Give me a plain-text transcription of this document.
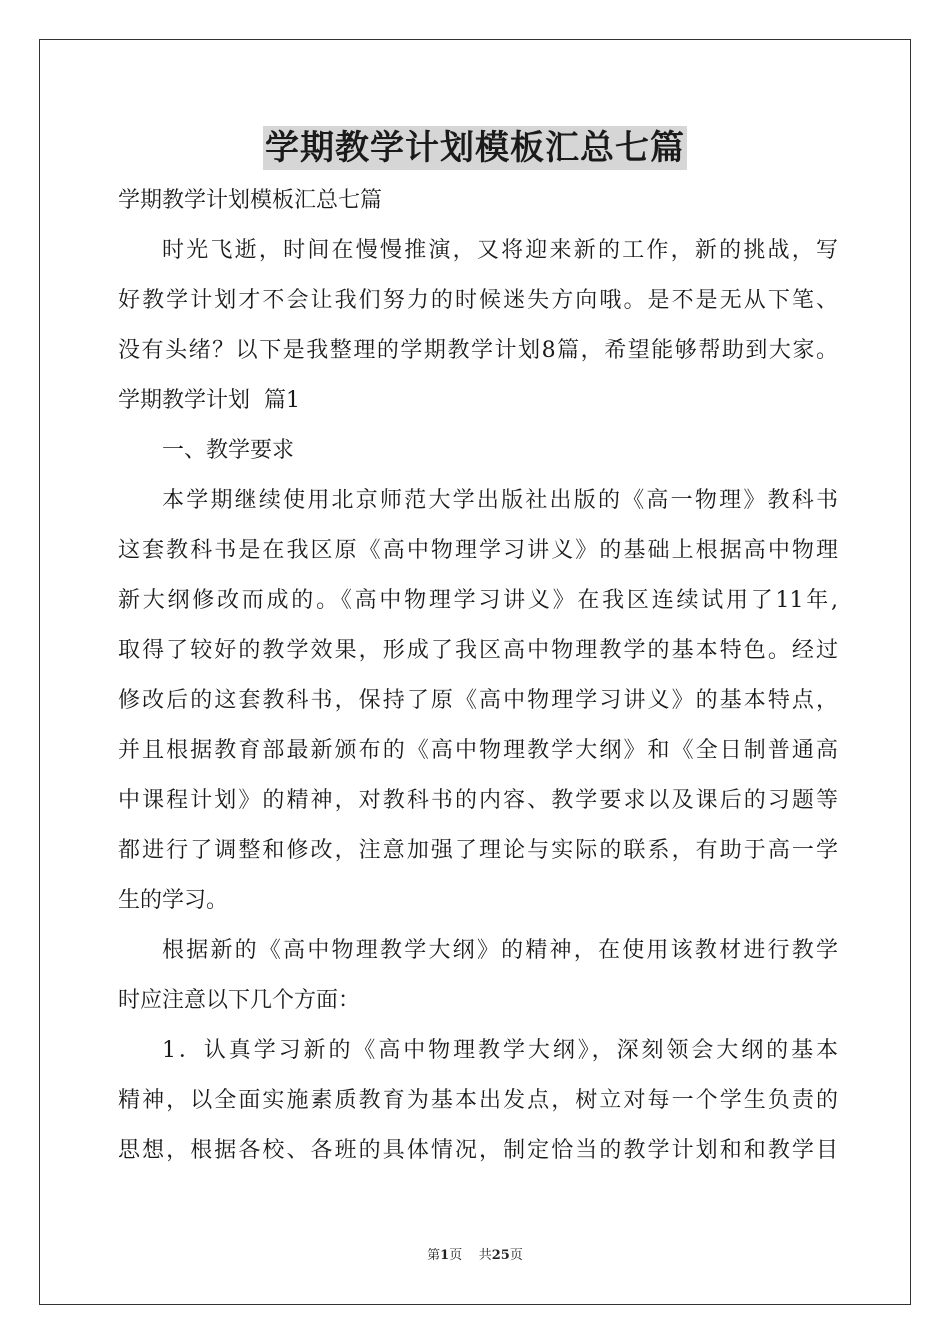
学期教学计划模板汇总七篇
学期教学计划模板汇总七篇
时光飞逝，时间在慢慢推演，又将迎来新的工作，新的挑战，写
好教学计划才不会让我们努力的时候迷失方向哦。是不是无从下笔、
没有头绪？以下是我整理的学期教学计划8篇，希望能够帮助到大家。
学期教学计划  篇1
一、教学要求
本学期继续使用北京师范大学出版社出版的《高一物理》教科书
这套教科书是在我区原《高中物理学习讲义》的基础上根据高中物理
新大纲修改而成的。《高中物理学习讲义》在我区连续试用了11年,
取得了较好的教学效果，形成了我区高中物理教学的基本特色。经过
修改后的这套教科书，保持了原《高中物理学习讲义》的基本特点，
并且根据教育部最新颁布的《高中物理教学大纲》和《全日制普通高
中课程计划》的精神，对教科书的内容、教学要求以及课后的习题等
都进行了调整和修改，注意加强了理论与实际的联系，有助于高一学
生的学习。
根据新的《高中物理教学大纲》的精神，在使用该教材进行教学
时应注意以下几个方面：
1．认真学习新的《高中物理教学大纲》，深刻领会大纲的基本
精神，以全面实施素质教育为基本出发点，树立对每一个学生负责的
思想，根据各校、各班的具体情况，制定恰当的教学计划和和教学目
第1页 共25页
